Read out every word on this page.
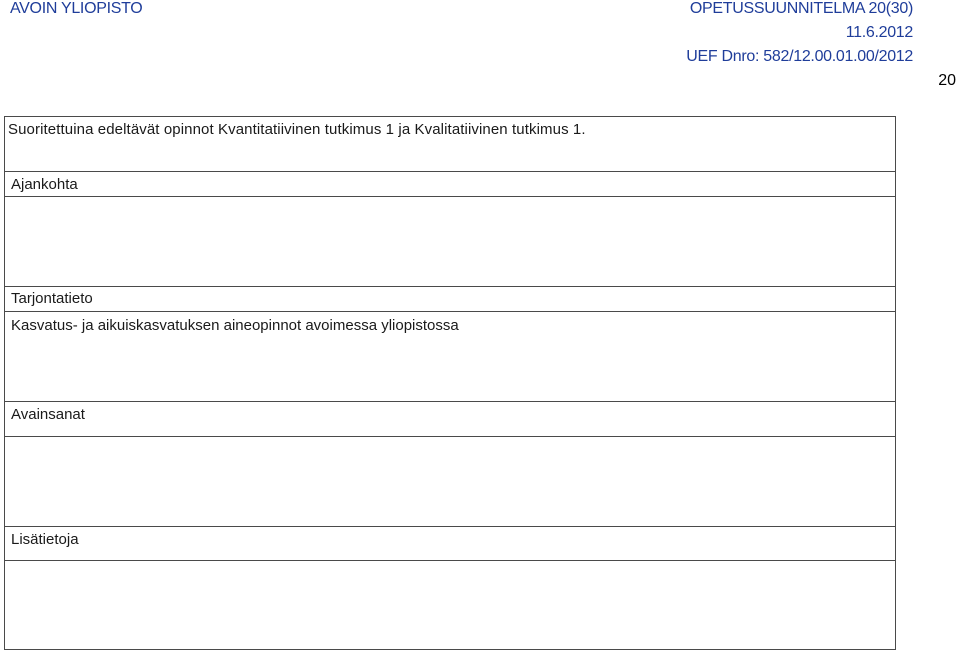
AVOIN YLIOPISTO	OPETUSSUUNNITELMA 20(30)
11.6.2012
UEF Dnro: 582/12.00.01.00/2012
20
Suoritettuina edeltävät opinnot Kvantitatiivinen tutkimus 1 ja Kvalitatiivinen tutkimus 1.
Ajankohta
Tarjontatieto
Kasvatus- ja aikuiskasvatuksen aineopinnot avoimessa yliopistossa
Avainsanat
Lisätietoja
